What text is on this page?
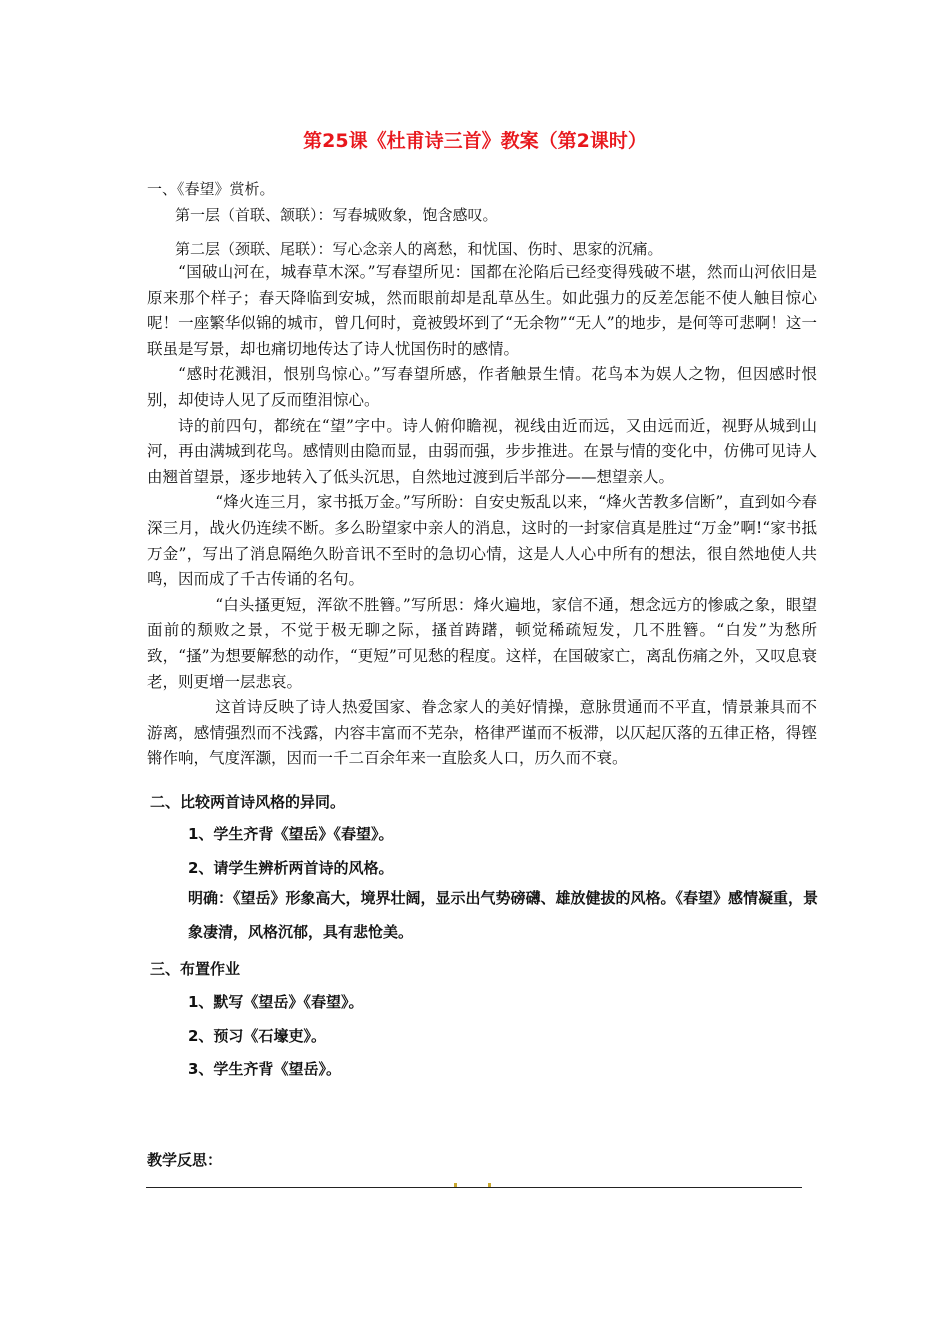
第25课《杜甫诗三首》教案（第2课时）
一、《春望》赏析。
第一层（首联、颔联）：写春城败象，饱含感叹。
第二层（颈联、尾联）：写心念亲人的离愁，和忧国、伤时、思家的沉痛。

“国破山河在，城春草木深。”写春望所见：国都在沦陷后已经变得残破不堪，然而山河依旧是原来那个样子；春天降临到安城，然而眼前却是乱草丛生。如此强力的反差怎能不使人触目惊心呢！一座繁华似锦的城市，曾几何时，竟被毁坏到了“无余物”“无人”的地步，是何等可悲啊！这一联虽是写景，却也痛切地传达了诗人忧国伤时的感情。

“感时花溅泪，恨别鸟惊心。”写春望所感，作者触景生情。花鸟本为娱人之物，但因感时恨别，却使诗人见了反而堕泪惊心。

诗的前四句，都统在“望”字中。诗人俯仰瞻视，视线由近而远，又由远而近，视野从城到山河，再由满城到花鸟。感情则由隐而显，由弱而强，步步推进。在景与情的变化中，仿佛可见诗人由翘首望景，逐步地转入了低头沉思，自然地过渡到后半部分——想望亲人。

“烽火连三月，家书抵万金。”写所盼：自安史叛乱以来，“烽火苦教多信断”，直到如今春深三月，战火仍连续不断。多么盼望家中亲人的消息，这时的一封家信真是胜过“万金”啊!“家书抵万金”，写出了消息隔绝久盼音讯不至时的急切心情，这是人人心中所有的想法，很自然地使人共鸣，因而成了千古传诵的名句。

“白头搔更短，浑欲不胜簪。”写所思：烽火遍地，家信不通，想念远方的惨戚之象，眼望面前的颓败之景，不觉于极无聊之际，搔首踌躇，顿觉稀疏短发，几不胜簪。“白发”为愁所致，“搔”为想要解愁的动作，“更短”可见愁的程度。这样，在国破家亡，离乱伤痛之外，又叹息衰老，则更增一层悲哀。

这首诗反映了诗人热爱国家、眷念家人的美好情操，意脉贯通而不平直，情景兼具而不游离，感情强烈而不浅露，内容丰富而不芜杂，格律严谨而不板滞，以仄起仄落的五律正格，得铿锵作响，气度浑灏，因而一千二百余年来一直脍炙人口，历久而不衰。

二、比较两首诗风格的异同。
1、学生齐背《望岳》《春望》。
2、请学生辨析两首诗的风格。
明确：《望岳》形象高大，境界壮阔，显示出气势磅礴、雄放健拔的风格。《春望》感情凝重，景象凄清，风格沉郁，具有悲怆美。
三、布置作业
1、默写《望岳》《春望》。
2、预习《石壕吏》。
3、学生齐背《望岳》。
教学反思：
